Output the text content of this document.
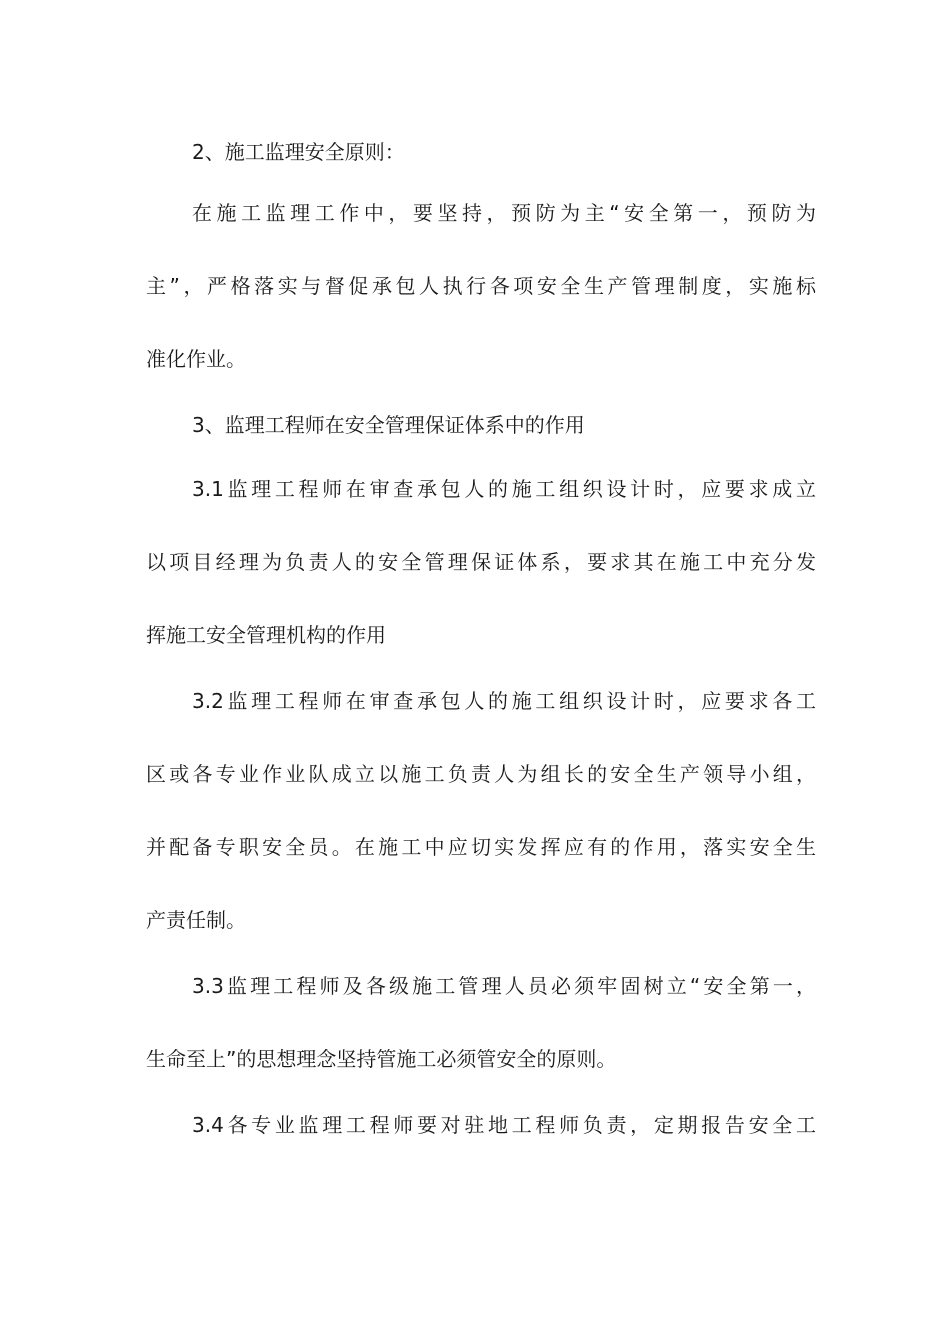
2、施工监理安全原则：
在施工监理工作中，要坚持，预防为主“安全第一，预防为
主”，严格落实与督促承包人执行各项安全生产管理制度，实施标
准化作业。
3、监理工程师在安全管理保证体系中的作用
3.1监理工程师在审查承包人的施工组织设计时，应要求成立
以项目经理为负责人的安全管理保证体系，要求其在施工中充分发
挥施工安全管理机构的作用
3.2监理工程师在审查承包人的施工组织设计时，应要求各工
区或各专业作业队成立以施工负责人为组长的安全生产领导小组，
并配备专职安全员。在施工中应切实发挥应有的作用，落实安全生
产责任制。
3.3监理工程师及各级施工管理人员必须牢固树立“安全第一，
生命至上”的思想理念坚持管施工必须管安全的原则。
3.4各专业监理工程师要对驻地工程师负责，定期报告安全工
